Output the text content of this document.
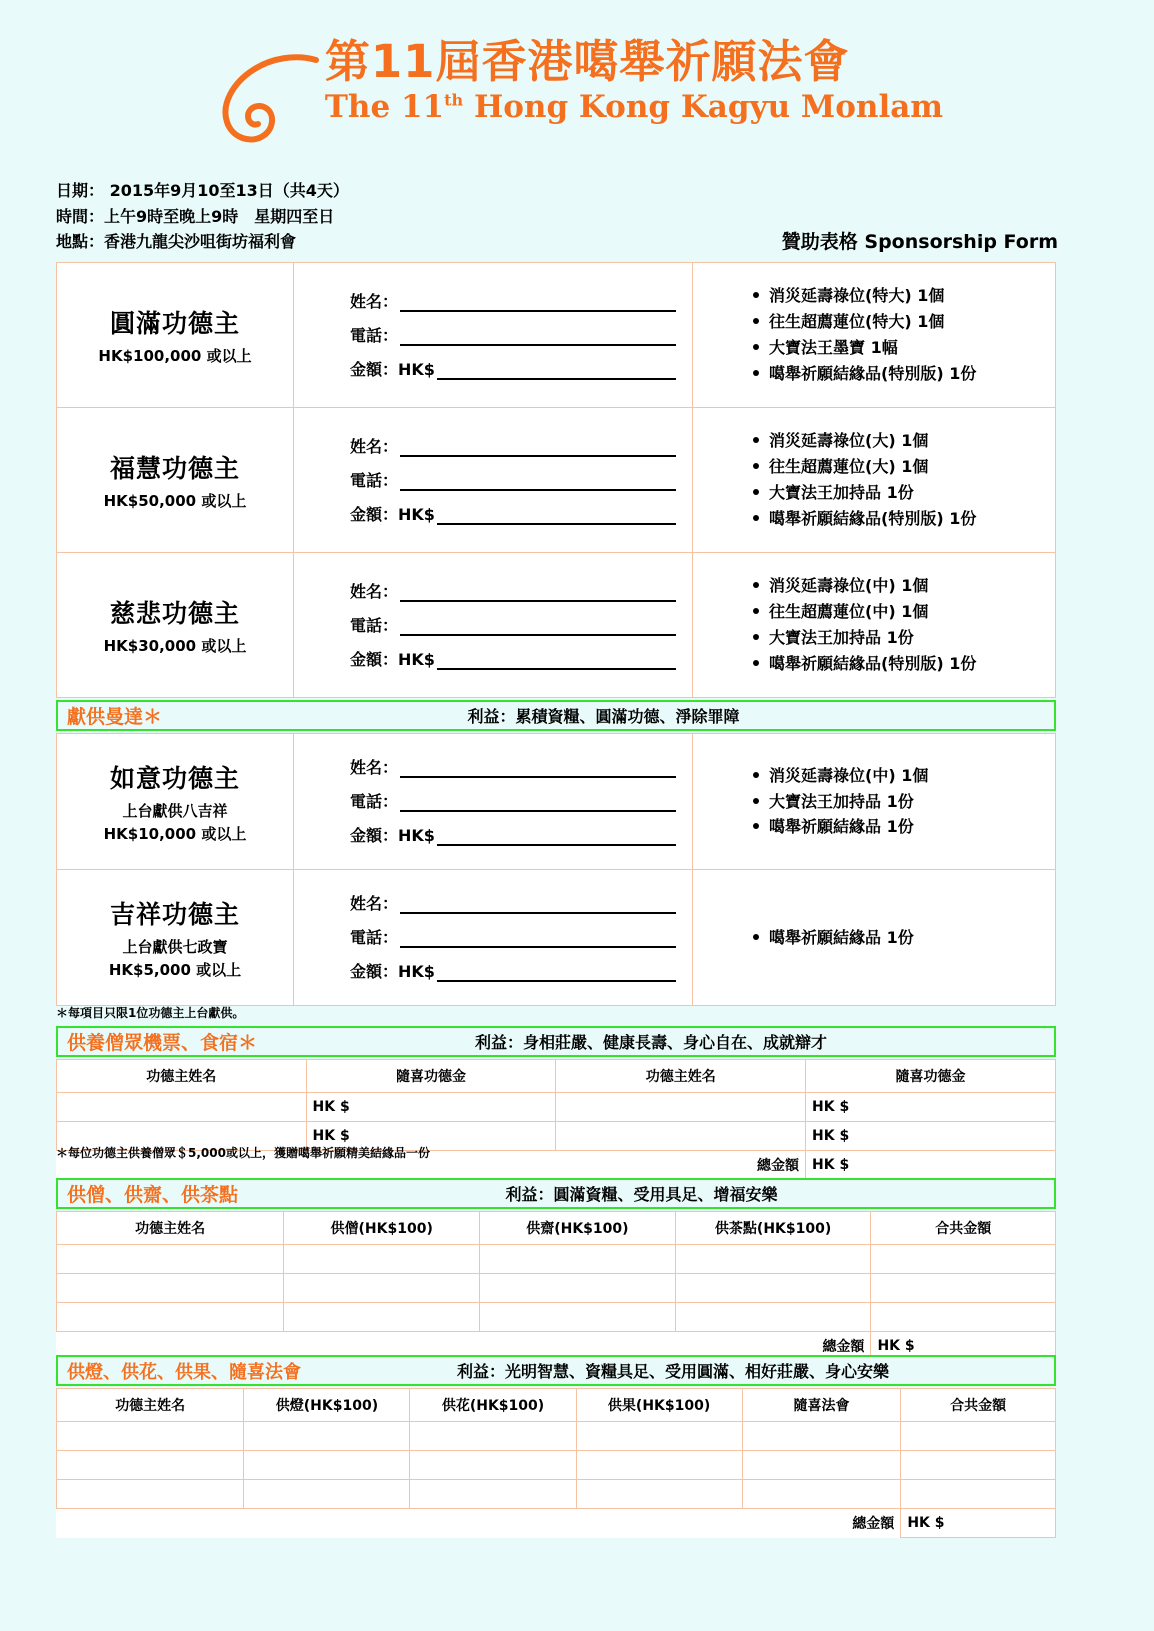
第11屆香港噶舉祈願法會
The 11th Hong Kong Kagyu Monlam
日期： 2015年9月10至13日（共4天）
時間：上午9時至晚上9時　星期四至日
地點：香港九龍尖沙咀街坊福利會	贊助表格 Sponsorship Form
圓滿功德主
HK$100,000 或以上

姓名：
電話：
金額：HK$

消災延壽祿位(特大) 1個
往生超薦蓮位(特大) 1個
大寶法王墨寶 1幅
噶舉祈願結緣品(特別版) 1份

福慧功德主
HK$50,000 或以上

姓名：
電話：
金額：HK$

消災延壽祿位(大) 1個
往生超薦蓮位(大) 1個
大寶法王加持品 1份
噶舉祈願結緣品(特別版) 1份

慈悲功德主
HK$30,000 或以上

姓名：
電話：
金額：HK$

消災延壽祿位(中) 1個
往生超薦蓮位(中) 1個
大寶法王加持品 1份
噶舉祈願結緣品(特別版) 1份
獻供曼達＊	利益：累積資糧、圓滿功德、淨除罪障
如意功德主
上台獻供八吉祥
HK$10,000 或以上

姓名：
電話：
金額：HK$

消災延壽祿位(中) 1個
大寶法王加持品 1份
噶舉祈願結緣品 1份

吉祥功德主
上台獻供七政寶
HK$5,000 或以上

姓名：
電話：
金額：HK$

噶舉祈願結緣品 1份
＊每項目只限1位功德主上台獻供。
供養僧眾機票、食宿＊	利益：身相莊嚴、健康長壽、身心自在、成就辯才
功德主姓名	隨喜功德金	功德主姓名	隨喜功德金
	HK $		HK $
	HK $		HK $
總金額			HK $
＊每位功德主供養僧眾＄5,000或以上，獲贈噶舉祈願精美結緣品一份
供僧、供齋、供茶點	利益：圓滿資糧、受用具足、增福安樂
功德主姓名	供僧(HK$100)	供齋(HK$100)	供茶點(HK$100)	合共金額

總金額				HK $
供燈、供花、供果、隨喜法會	利益：光明智慧、資糧具足、受用圓滿、相好莊嚴、身心安樂
功德主姓名	供燈(HK$100)	供花(HK$100)	供果(HK$100)	隨喜法會	合共金額

總金額					HK $
